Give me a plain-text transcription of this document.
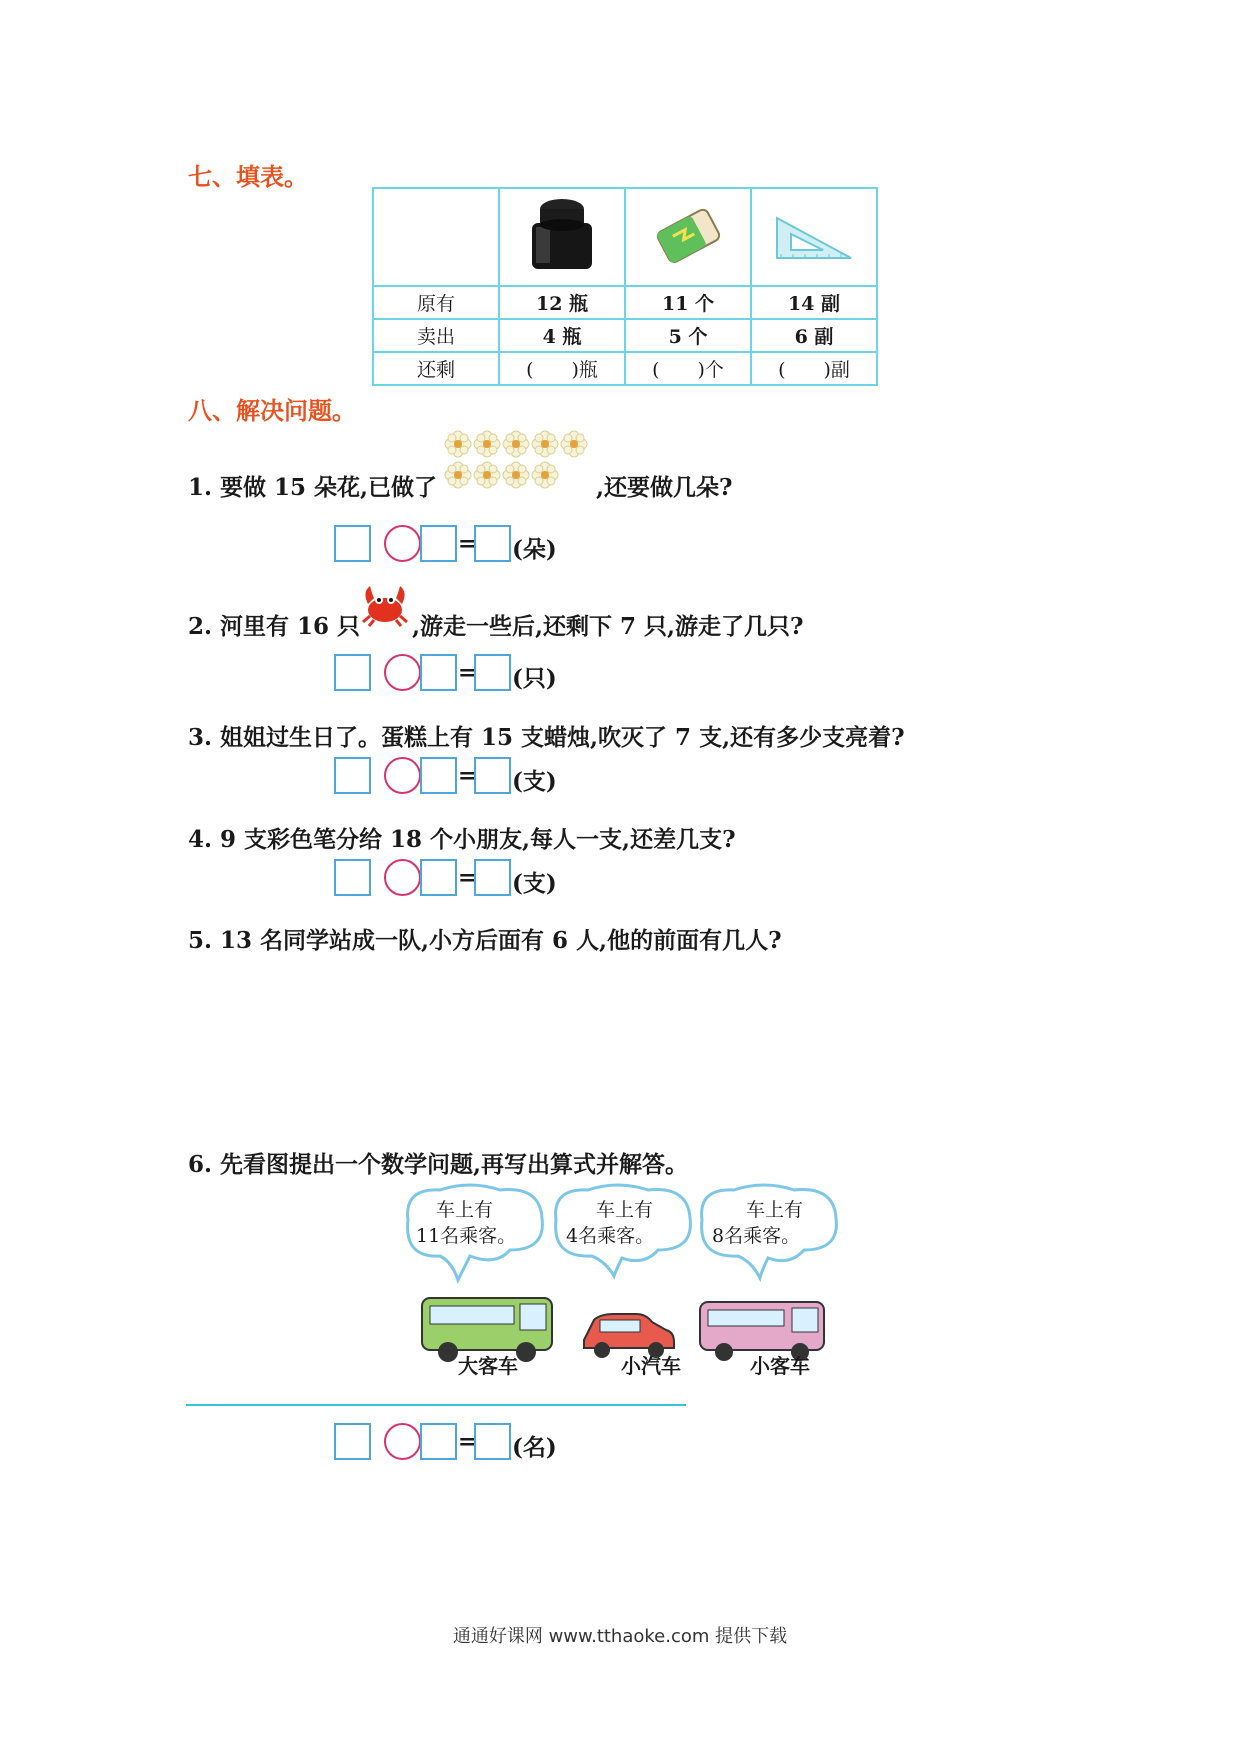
七、填表。

原有	12 瓶	11 个	14 副
卖出	4 瓶	5 个	6 副
还剩	(　　)瓶	(　　)个	(　　)副
八、解决问题。
1. 要做 15 朵花,已做了	,还要做几朵?
= (朵)
2. 河里有 16 只 ,游走一些后,还剩下 7 只,游走了几只?
= (只)
3. 姐姐过生日了。蛋糕上有 15 支蜡烛,吹灭了 7 支,还有多少支亮着?
= (支)
4. 9 支彩色笔分给 18 个小朋友,每人一支,还差几支?
= (支)
5. 13 名同学站成一队,小方后面有 6 人,他的前面有几人?
6. 先看图提出一个数学问题,再写出算式并解答。
车上有
11名乘客。
车上有
4名乘客。
车上有
8名乘客。
大客车	小汽车	小客车
= (名)
通通好课网 www.tthaoke.com 提供下载
